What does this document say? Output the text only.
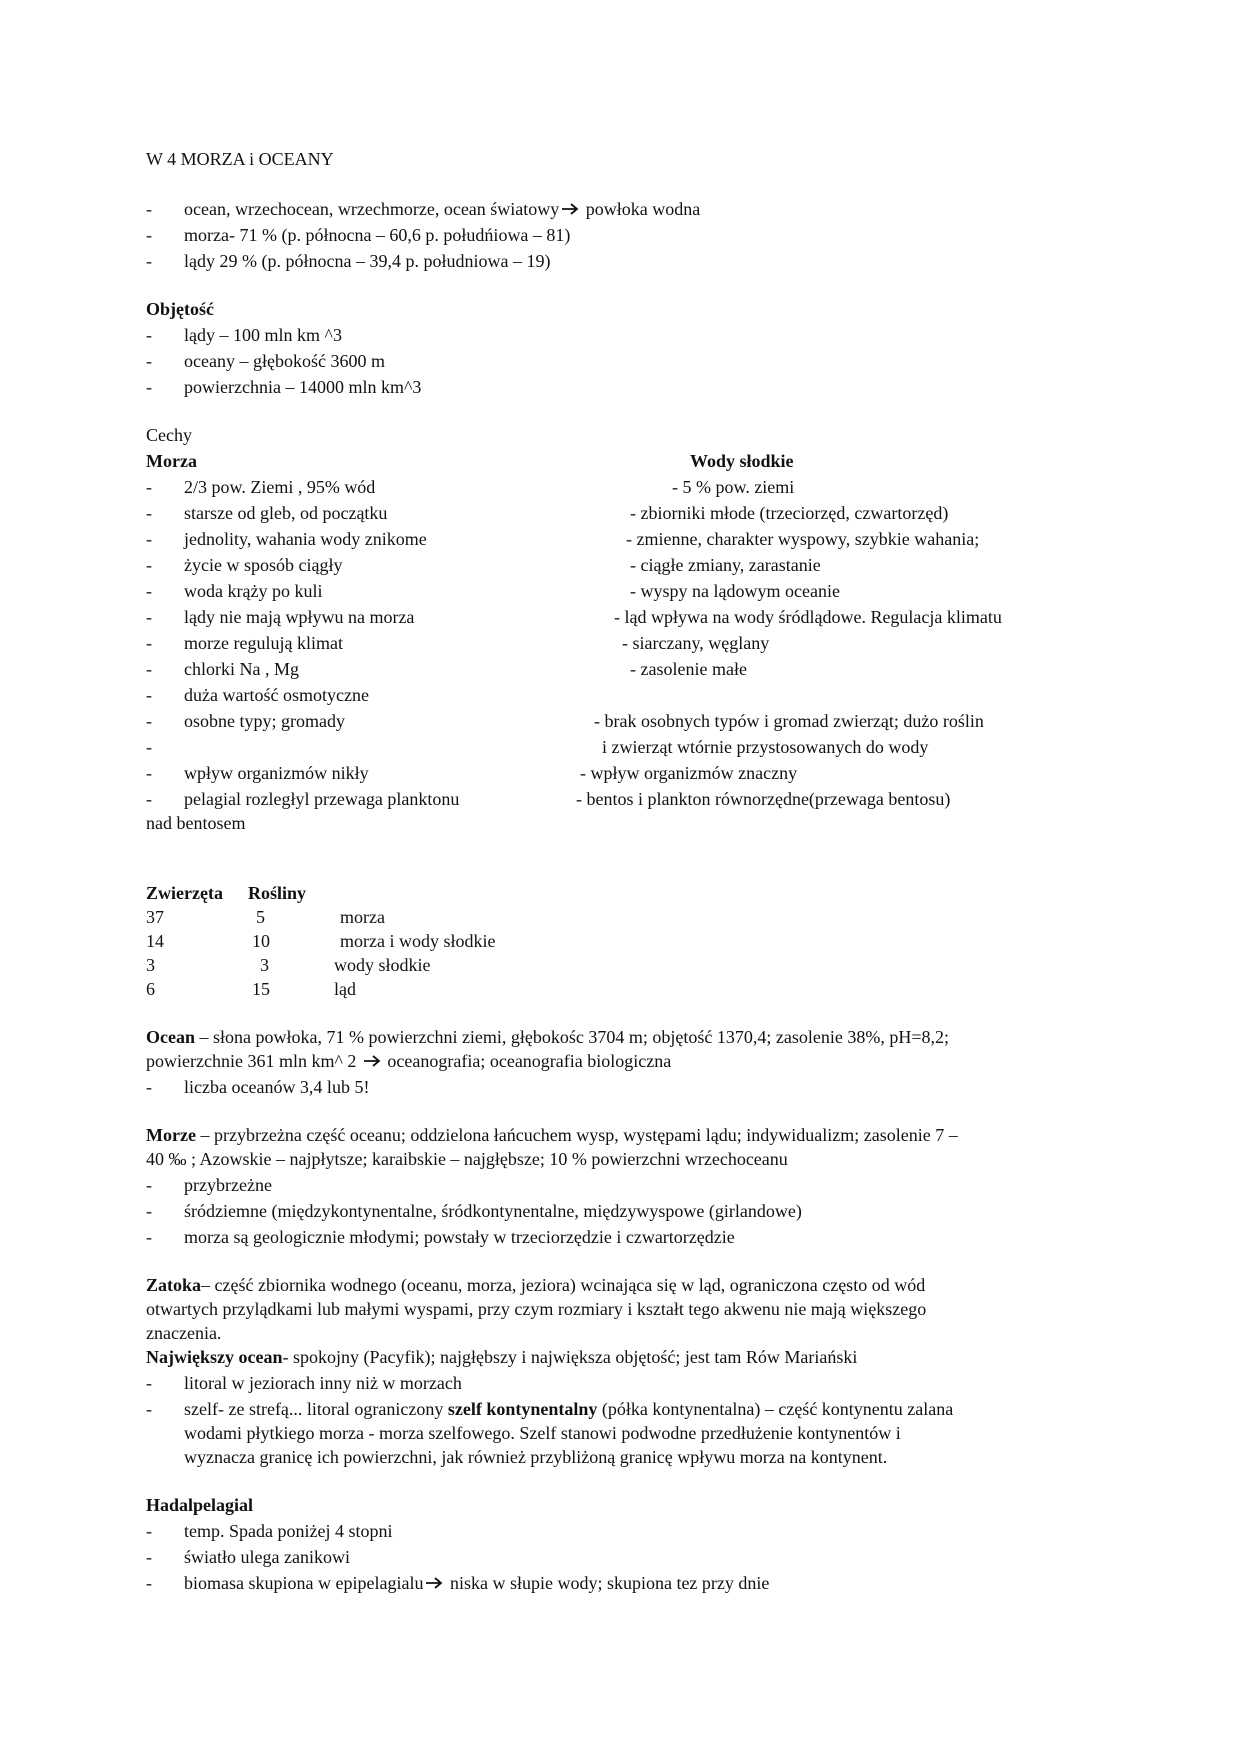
W 4 MORZA i OCEANY
- ocean, wrzechocean, wrzechmorze, ocean światowy
powłoka wodna
- morza- 71 % (p. północna – 60,6 p. połudńiowa – 81)
- lądy 29 % (p. północna – 39,4 p. południowa – 19)
Objętość
- lądy – 100 mln km ^3
- oceany – głębokość 3600 m
- powierzchnia – 14000 mln km^3
Cechy
Morza	Wody słodkie
- 2/3 pow. Ziemi , 95% wód	- 5 % pow. ziemi
- starsze od gleb, od początku	- zbiorniki młode (trzeciorzęd, czwartorzęd)
- jednolity, wahania wody znikome	- zmienne, charakter wyspowy, szybkie wahania;
- życie w sposób ciągły	- ciągłe zmiany, zarastanie
- woda krąży po kuli	- wyspy na lądowym oceanie
- lądy nie mają wpływu na morza	- ląd wpływa na wody śródlądowe. Regulacja klimatu
- morze regulują klimat	- siarczany, węglany
- chlorki Na , Mg	- zasolenie małe
- duża wartość osmotyczne
- osobne typy; gromady	- brak osobnych typów i gromad zwierząt; dużo roślin
-	i zwierząt wtórnie przystosowanych do wody
- wpływ organizmów nikły	- wpływ organizmów znaczny
- pelagial rozległyl przewaga planktonu	- bentos i plankton równorzędne(przewaga bentosu)
nad bentosem
Zwierzęta Rośliny
37	5	morza
14	10	morza i wody słodkie
3	3	wody słodkie
6	15	ląd
Ocean – słona powłoka, 71 % powierzchni ziemi, głębokośc 3704 m; objętość 1370,4; zasolenie 38%, pH=8,2;
powierzchnie 361 mln km^ 2
oceanografia; oceanografia biologiczna
- liczba oceanów 3,4 lub 5!
Morze – przybrzeżna część oceanu; oddzielona łańcuchem wysp, występami lądu; indywidualizm; zasolenie 7 –
40 ‰ ; Azowskie – najpłytsze; karaibskie – najgłębsze; 10 % powierzchni wrzechoceanu
- przybrzeżne
- śródziemne (międzykontynentalne, śródkontynentalne, międzywyspowe (girlandowe)
- morza są geologicznie młodymi; powstały w trzeciorzędzie i czwartorzędzie
Zatoka– część zbiornika wodnego (oceanu, morza, jeziora) wcinająca się w ląd, ograniczona często od wód
otwartych przylądkami lub małymi wyspami, przy czym rozmiary i kształt tego akwenu nie mają większego
znaczenia.
Największy ocean- spokojny (Pacyfik); najgłębszy i największa objętość; jest tam Rów Mariański
- litoral w jeziorach inny niż w morzach
- szelf- ze strefą... litoral ograniczony szelf kontynentalny (półka kontynentalna) – część kontynentu zalana
wodami płytkiego morza - morza szelfowego. Szelf stanowi podwodne przedłużenie kontynentów i
wyznacza granicę ich powierzchni, jak również przybliżoną granicę wpływu morza na kontynent.
Hadalpelagial
- temp. Spada poniżej 4 stopni
- światło ulega zanikowi
- biomasa skupiona w epipelagialu
niska w słupie wody; skupiona tez przy dnie
